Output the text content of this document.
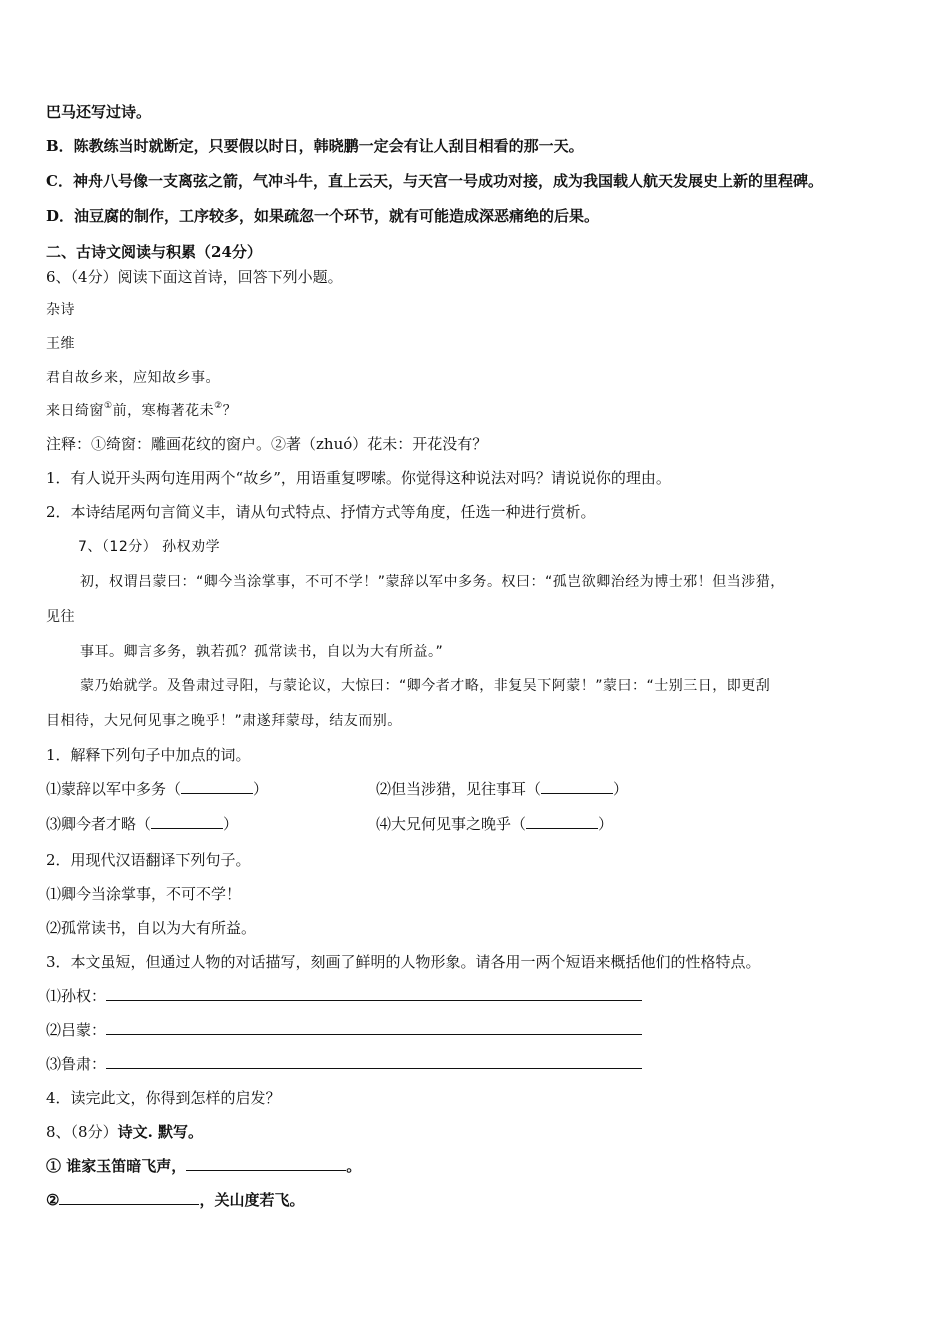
巴马还写过诗。
B．陈教练当时就断定，只要假以时日，韩晓鹏一定会有让人刮目相看的那一天。
C．神舟八号像一支离弦之箭，气冲斗牛，直上云天，与天宫一号成功对接，成为我国载人航天发展史上新的里程碑。
D．油豆腐的制作，工序较多，如果疏忽一个环节，就有可能造成深恶痛绝的后果。
二、古诗文阅读与积累（24分）
6、（4分）阅读下面这首诗，回答下列小题。
杂诗
王维
君自故乡来，应知故乡事。
来日绮窗①前，寒梅著花未②？
注释：①绮窗：雕画花纹的窗户。②著（zhuó）花未：开花没有？
1．有人说开头两句连用两个“故乡”，用语重复啰嗦。你觉得这种说法对吗？请说说你的理由。
2．本诗结尾两句言简义丰，请从句式特点、抒情方式等角度，任选一种进行赏析。
7、（12分） 孙权劝学
初，权谓吕蒙曰：“卿今当涂掌事，不可不学！”蒙辞以军中多务。权曰：“孤岂欲卿治经为博士邪！但当涉猎，
见往
事耳。卿言多务，孰若孤？孤常读书，自以为大有所益。”
蒙乃始就学。及鲁肃过寻阳，与蒙论议，大惊曰：“卿今者才略，非复吴下阿蒙！”蒙曰：“士别三日，即更刮
目相待，大兄何见事之晚乎！”肃遂拜蒙母，结友而别。
1．解释下列句子中加点的词。
⑴蒙辞以军中多务（	）	⑵但当涉猎，见往事耳（	）
⑶卿今者才略（	）	⑷大兄何见事之晚乎（	）
2．用现代汉语翻译下列句子。
⑴卿今当涂掌事，不可不学！
⑵孤常读书，自以为大有所益。
3．本文虽短，但通过人物的对话描写，刻画了鲜明的人物形象。请各用一两个短语来概括他们的性格特点。
⑴孙权：
⑵吕蒙：
⑶鲁肃：
4．读完此文，你得到怎样的启发？
8、（8分）诗文. 默写。
① 谁家玉笛暗飞声，	。
②	，关山度若飞。
